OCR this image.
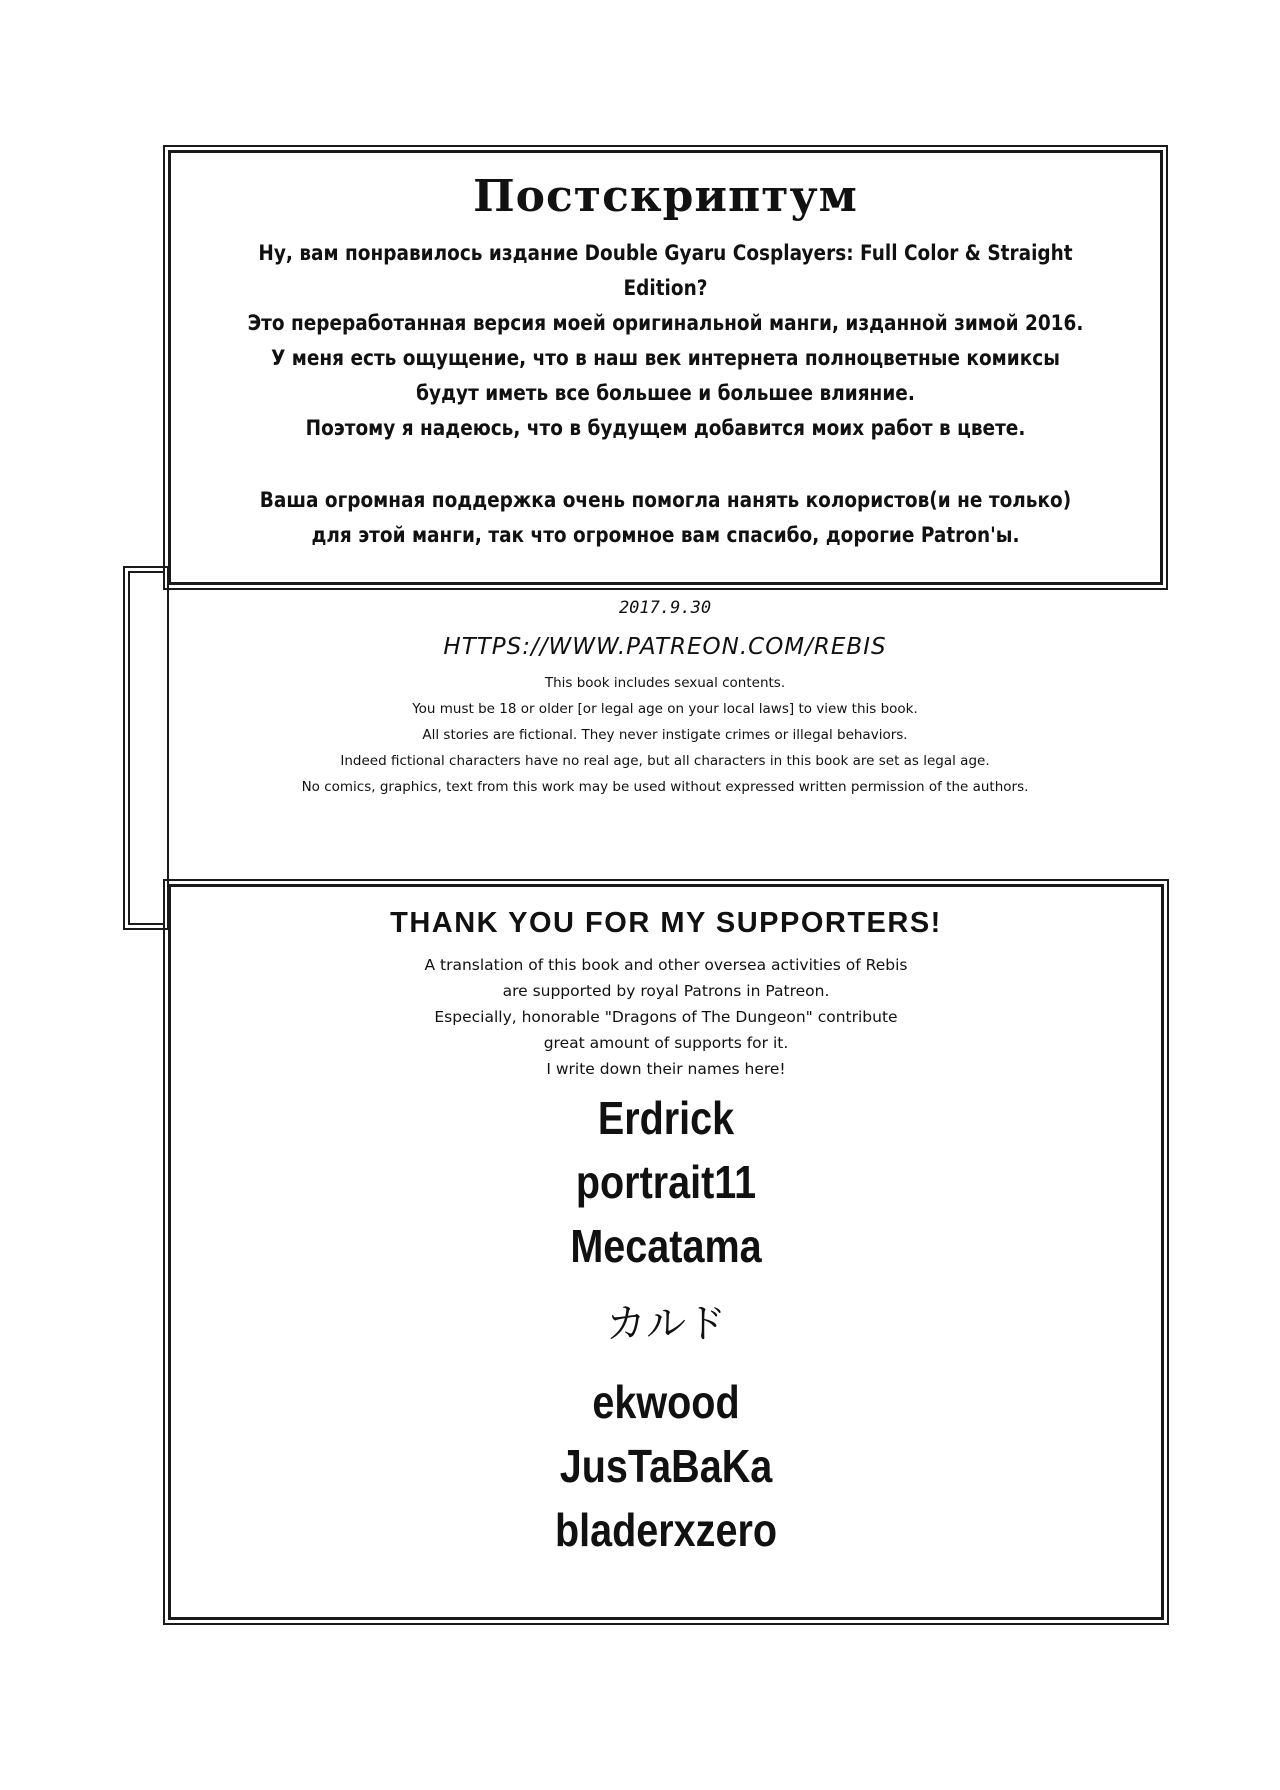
Постскриптум
Ну, вам понравилось издание Double Gyaru Cosplayers: Full Color & Straight Edition?
Это переработанная версия моей оригинальной манги, изданной зимой 2016.
У меня есть ощущение, что в наш век интернета полноцветные комиксы
будут иметь все большее и большее влияние.
Поэтому я надеюсь, что в будущем добавится моих работ в цвете.
Ваша огромная поддержка очень помогла нанять колористов(и не только)
для этой манги, так что огромное вам спасибо, дорогие Patron'ы.
2017.9.30
HTTPS://WWW.PATREON.COM/REBIS
This book includes sexual contents.
You must be 18 or older [or legal age on your local laws] to view this book.
All stories are fictional. They never instigate crimes or illegal behaviors.
Indeed fictional characters have no real age, but all characters in this book are set as legal age.
No comics, graphics, text from this work may be used without expressed written permission of the authors.
THANK YOU FOR MY SUPPORTERS!
A translation of this book and other oversea activities of Rebis
are supported by royal Patrons in Patreon.
Especially, honorable "Dragons of The Dungeon" contribute
great amount of supports for it.
I write down their names here!
Erdrick
portrait11
Mecatama
カルド
ekwood
JusTaBaKa
bladerxzero
